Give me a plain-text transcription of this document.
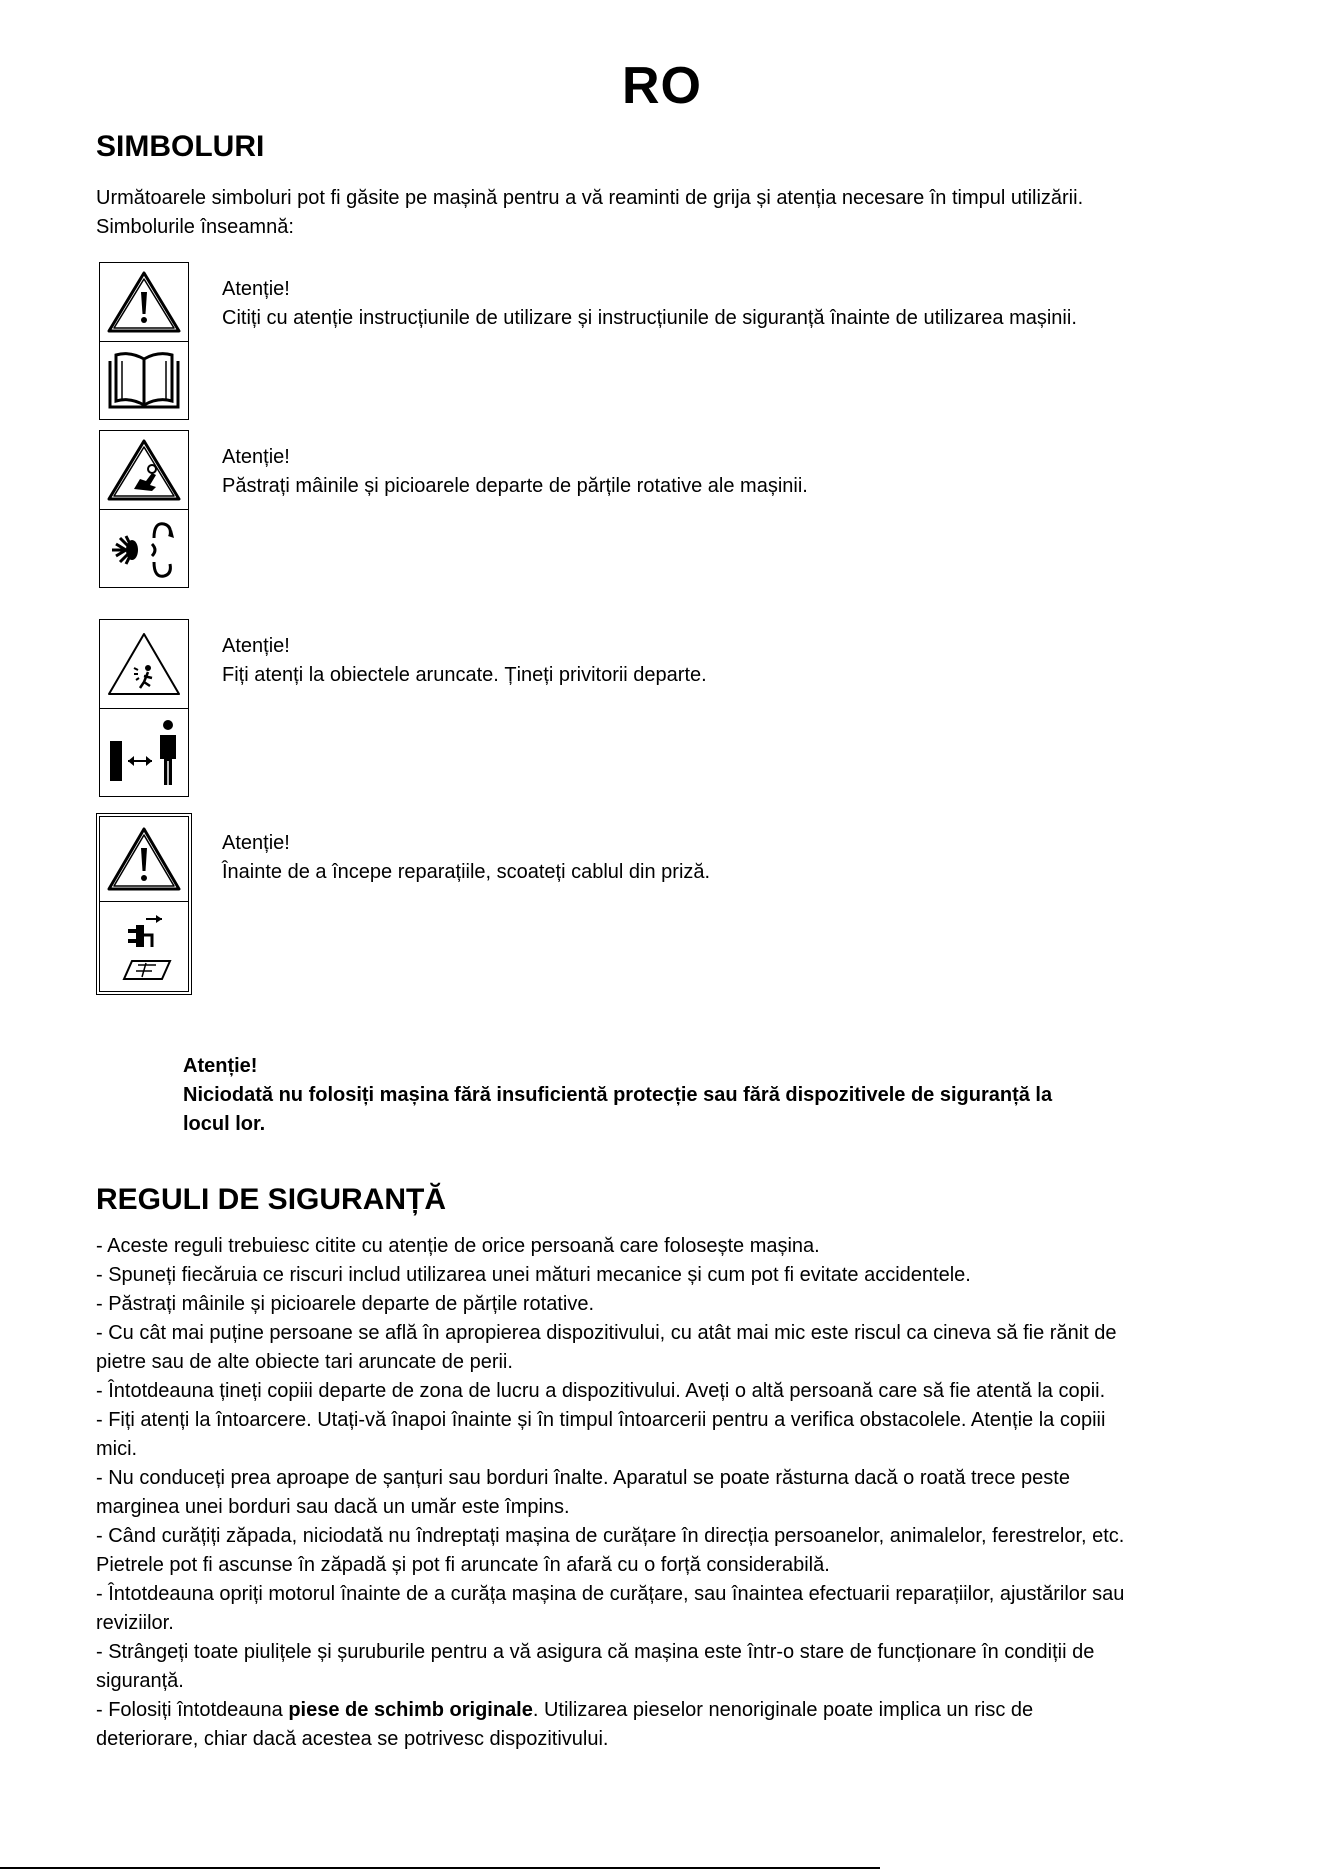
RO
SIMBOLURI
Următoarele simboluri pot fi găsite pe mașină pentru a vă reaminti de grija și atenția necesare în timpul utilizării.
Simbolurile înseamnă:
Atenție!
Citiți cu atenție instrucțiunile de utilizare și instrucțiunile de siguranță înainte de utilizarea mașinii.
Atenție!
Păstrați mâinile și picioarele departe de părțile rotative ale mașinii.
Atenție!
Fiți atenți la obiectele aruncate. Țineți privitorii departe.
Atenție!
Înainte de a începe reparațiile, scoateți cablul din priză.
Atenție!
Niciodată nu folosiți mașina fără insuficientă protecție sau fără dispozitivele de siguranță la
locul lor.
REGULI DE SIGURANȚĂ
- Aceste reguli trebuiesc citite cu atenție de orice persoană care folosește mașina.
- Spuneți fiecăruia ce riscuri includ utilizarea unei mături mecanice și cum pot fi evitate accidentele.
- Păstrați mâinile și picioarele departe de părțile rotative.
- Cu cât mai puține persoane se află în apropierea dispozitivului, cu atât mai mic este riscul ca cineva să fie rănit de
pietre sau de alte obiecte tari aruncate de perii.
- Întotdeauna țineți copiii departe de zona de lucru a dispozitivului. Aveți o altă persoană care să fie atentă la copii.
- Fiți atenți la întoarcere. Utați-vă înapoi înainte și în timpul întoarcerii pentru a verifica obstacolele. Atenție la copiii
mici.
- Nu conduceți prea aproape de șanțuri sau borduri înalte. Aparatul se poate răsturna dacă o roată trece peste
marginea unei borduri sau dacă un umăr este împins.
- Când curățiți zăpada, niciodată nu îndreptați mașina de curățare în direcția persoanelor, animalelor, ferestrelor, etc.
Pietrele pot fi ascunse în zăpadă și pot fi aruncate în afară cu o forță considerabilă.
- Întotdeauna opriți motorul înainte de a curăța mașina de curățare, sau înaintea efectuarii reparațiilor, ajustărilor sau
reviziilor.
- Strângeți toate piulițele și șuruburile pentru a vă asigura că mașina este într-o stare de funcționare în condiții de
siguranță.
- Folosiți întotdeauna piese de schimb originale. Utilizarea pieselor nenoriginale poate implica un risc de
deteriorare, chiar dacă acestea se potrivesc dispozitivului.
